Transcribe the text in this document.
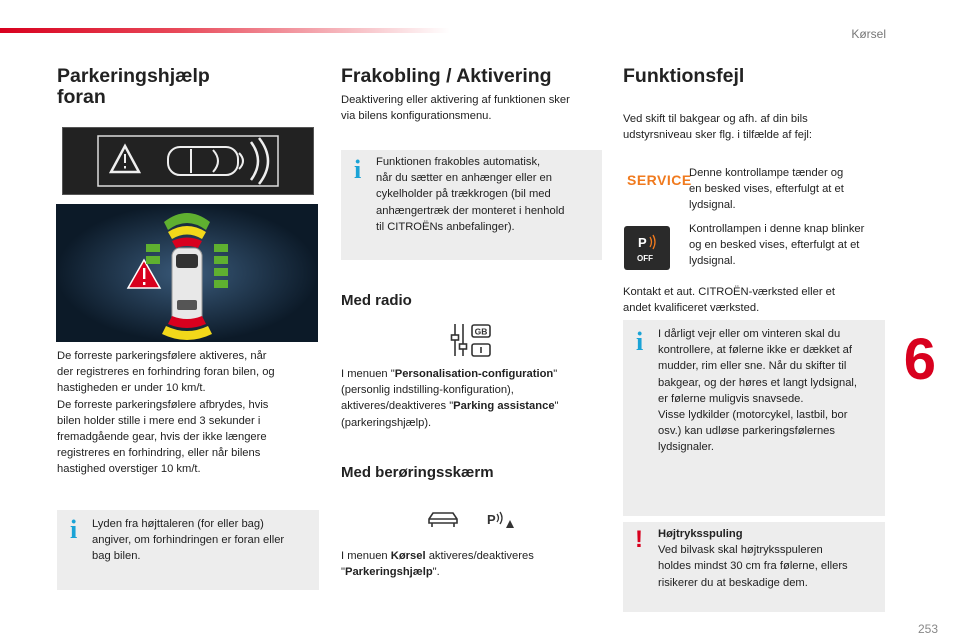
Kørsel
6
253
Parkeringshjælp
foran
De forreste parkeringsfølere aktiveres, når
der registreres en forhindring foran bilen, og
hastigheden er under 10 km/t.
De forreste parkeringsfølere afbrydes, hvis
bilen holder stille i mere end 3 sekunder i
fremadgående gear, hvis der ikke længere
registreres en forhindring, eller når bilens
hastighed overstiger 10 km/t.
i Lyden fra højttaleren (for eller bag)
angiver, om forhindringen er foran eller
bag bilen.
Frakobling / Aktivering
Deaktivering eller aktivering af funktionen sker
via bilens konfigurationsmenu.
i Funktionen frakobles automatisk,
når du sætter en anhænger eller en
cykelholder på trækkrogen (bil med
anhængertræk der monteret i henhold
til CITROËNs anbefalinger).
Med radio
GB
I menuen "Personalisation-configuration"
(personlig indstilling-konfiguration),
aktiveres/deaktiveres "Parking assistance"
(parkeringshjælp).
Med berøringsskærm
P
I menuen Kørsel aktiveres/deaktiveres
"Parkeringshjælp".
Funktionsfejl
Ved skift til bakgear og afh. af din bils
udstyrsniveau sker flg. i tilfælde af fejl:
SERVICE
Denne kontrollampe tænder og
en besked vises, efterfulgt at et
lydsignal.
P
OFF
Kontrollampen i denne knap blinker
og en besked vises, efterfulgt at et
lydsignal.
Kontakt et aut. CITROËN-værksted eller et
andet kvalificeret værksted.
i I dårligt vejr eller om vinteren skal du
kontrollere, at følerne ikke er dækket af
mudder, rim eller sne. Når du skifter til
bakgear, og der høres et langt lydsignal,
er følerne muligvis snavsede.
Visse lydkilder (motorcykel, lastbil, bor
osv.) kan udløse parkeringsfølernes
lydsignaler.
! Højtryksspuling
Ved bilvask skal højtryksspuleren
holdes mindst 30 cm fra følerne, ellers
risikerer du at beskadige dem.
